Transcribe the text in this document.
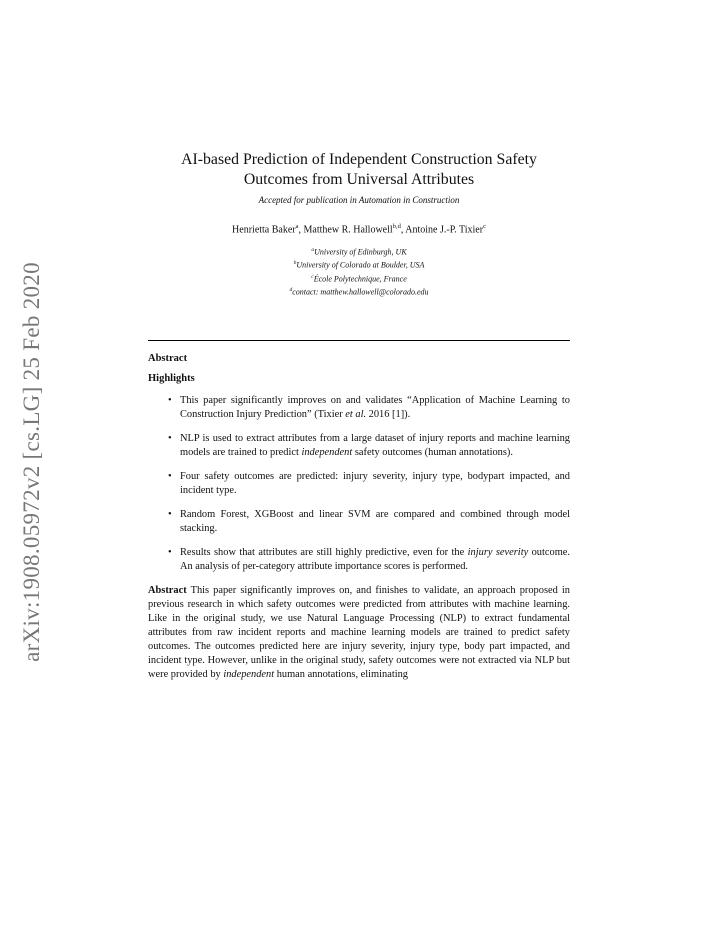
arXiv:1908.05972v2 [cs.LG] 25 Feb 2020
AI-based Prediction of Independent Construction Safety
Outcomes from Universal Attributes
Accepted for publication in Automation in Construction
Henrietta Baker$^a$, Matthew R. Hallowell$^{b,d}$, Antoine J.-P. Tixier$^c$
$^a$University of Edinburgh, UK
$^b$University of Colorado at Boulder, USA
$^c$École Polytechnique, France
$^d$contact: matthew.hallowell@colorado.edu
Abstract
Highlights
• This paper significantly improves on and validates “Application of Machine Learning to Construction Injury Prediction” (Tixier et al. 2016 [1]).
• NLP is used to extract attributes from a large dataset of injury reports and machine learning models are trained to predict independent safety outcomes (human annotations).
• Four safety outcomes are predicted: injury severity, injury type, bodypart impacted, and incident type.
• Random Forest, XGBoost and linear SVM are compared and combined through model stacking.
• Results show that attributes are still highly predictive, even for the injury severity outcome. An analysis of per-category attribute importance scores is performed.

Abstract This paper significantly improves on, and finishes to validate, an approach proposed in previous research in which safety outcomes were predicted from attributes with machine learning. Like in the original study, we use Natural Language Processing (NLP) to extract fundamental attributes from raw incident reports and machine learning models are trained to predict safety outcomes. The outcomes predicted here are injury severity, injury type, body part impacted, and incident type. However, unlike in the original study, safety outcomes were not extracted via NLP but were provided by independent human annotations, eliminating
